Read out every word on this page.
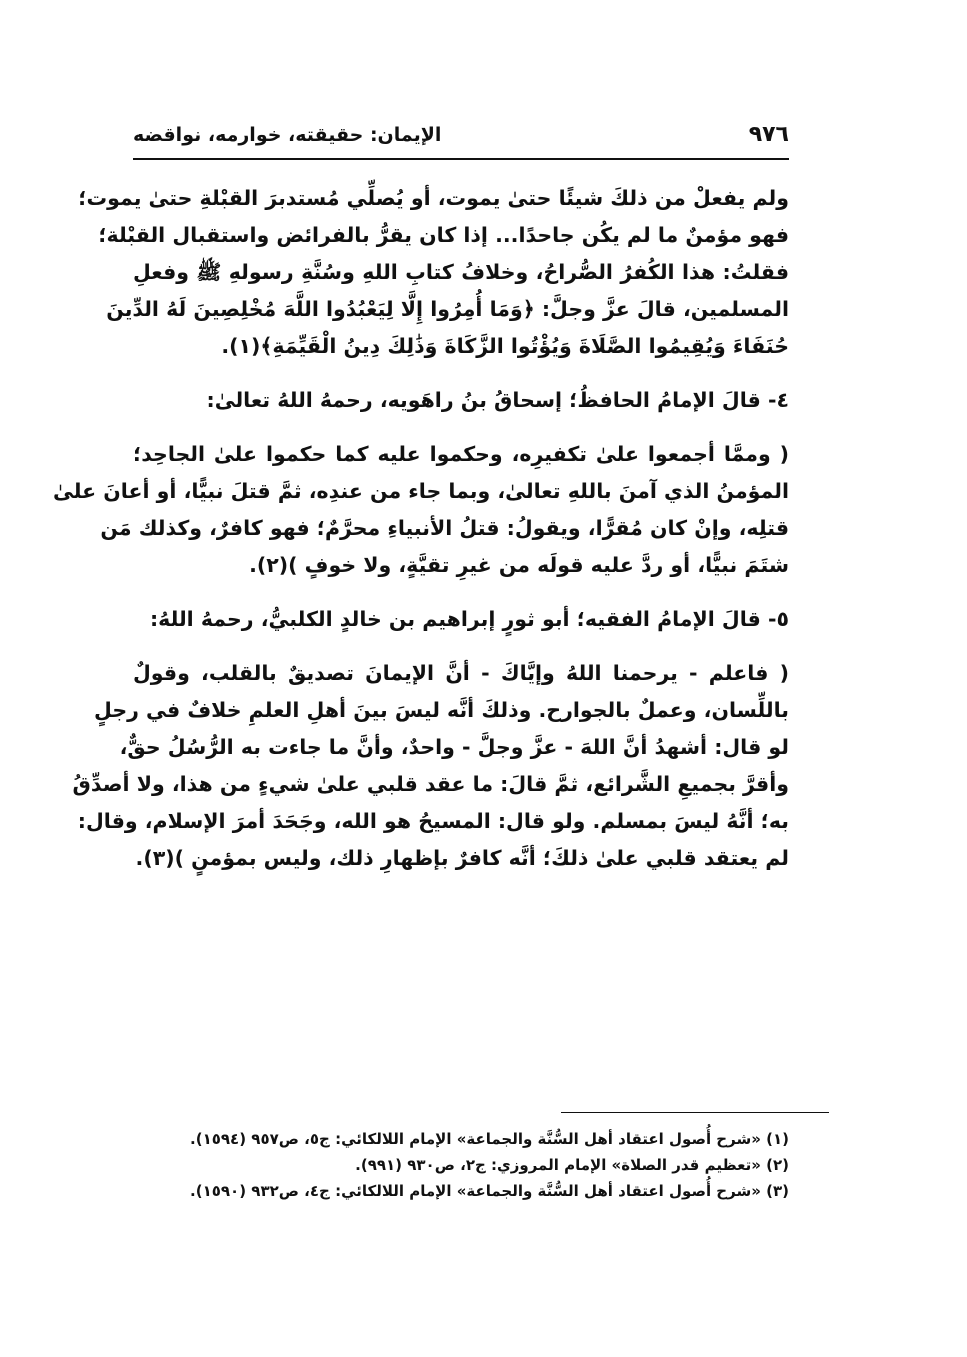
٩٧٦
الإيمان: حقيقته، خوارمه، نواقضه
ولم يفعلْ من ذلكَ شيئًا حتىٰ يموت، أو يُصلِّي مُستدبرَ القبْلةِ حتىٰ يموت؛
فهو مؤمنٌ ما لم يكُن جاحدًا... إذا كان يقرُّ بالفرائض واستقبال القبْلة؛
فقلتُ: هذا الكُفرُ الصُّراحُ، وخلافُ كتابِ اللهِ وسُنَّةِ رسولهِ ﷺ وفعلِ
المسلمين، قالَ عزَّ وجلَّ: ﴿وَمَا أُمِرُوا إِلَّا لِيَعْبُدُوا اللَّهَ مُخْلِصِينَ لَهُ الدِّينَ
حُنَفَاءَ وَيُقِيمُوا الصَّلَاةَ وَيُؤْتُوا الزَّكَاةَ وَذَٰلِكَ دِينُ الْقَيِّمَةِ﴾(١).
٤- قالَ الإمامُ الحافظُ؛ إسحاقُ بنُ راهَويه، رحمهُ اللهُ تعالىٰ:
( وممَّا أجمعوا علىٰ تكفيرِه، وحكموا عليه كما حكموا علىٰ الجاحِد؛
المؤمنُ الذي آمنَ باللهِ تعالىٰ، وبما جاء من عندِه، ثمَّ قتلَ نبيًّا، أو أعانَ علىٰ
قتلِه، وإنْ كان مُقرًّا، ويقولُ: قتلُ الأنبياءِ محرَّمٌ؛ فهو كافرٌ، وكذلك مَن
شتَمَ نبيًّا، أو ردَّ عليه قولَه من غيرِ تقيَّةٍ، ولا خوفٍ )(٢).
٥- قالَ الإمامُ الفقيه؛ أبو ثورٍ إبراهيم بن خالدٍ الكلبيُّ، رحمهُ اللهُ:
( فاعلم - يرحمنا اللهُ وإيَّاكَ - أنَّ الإيمانَ تصديقٌ بالقلب، وقولٌ
باللِّسان، وعملٌ بالجوارح. وذلكَ أنَّه ليسَ بينَ أهلِ العلمِ خلافٌ في رجلٍ
لو قال: أشهدُ أنَّ اللهَ - عزَّ وجلَّ - واحدٌ، وأنَّ ما جاءت به الرُّسُلُ حقٌّ،
وأقرَّ بجميعِ الشَّرائع، ثمَّ قالَ: ما عقد قلبي علىٰ شيءٍ من هذا، ولا أصدِّقُ
به؛ أنَّهُ ليسَ بمسلم. ولو قال: المسيحُ هو الله، وجَحَدَ أمرَ الإسلام، وقال:
لم يعتقد قلبي علىٰ ذلكَ؛ أنَّه كافرٌ بإظهارِ ذلك، وليس بمؤمنٍ )(٣).
(١) «شرح أُصول اعتقاد أهل السُّنَّة والجماعة» الإمام اللالكائي: ج٥، ص٩٥٧ (١٥٩٤).
(٢) «تعظيم قدر الصلاة» الإمام المروزي: ج٢، ص٩٣٠ (٩٩١).
(٣) «شرح أُصول اعتقاد أهل السُّنَّة والجماعة» الإمام اللالكائي: ج٤، ص٩٣٢ (١٥٩٠).
